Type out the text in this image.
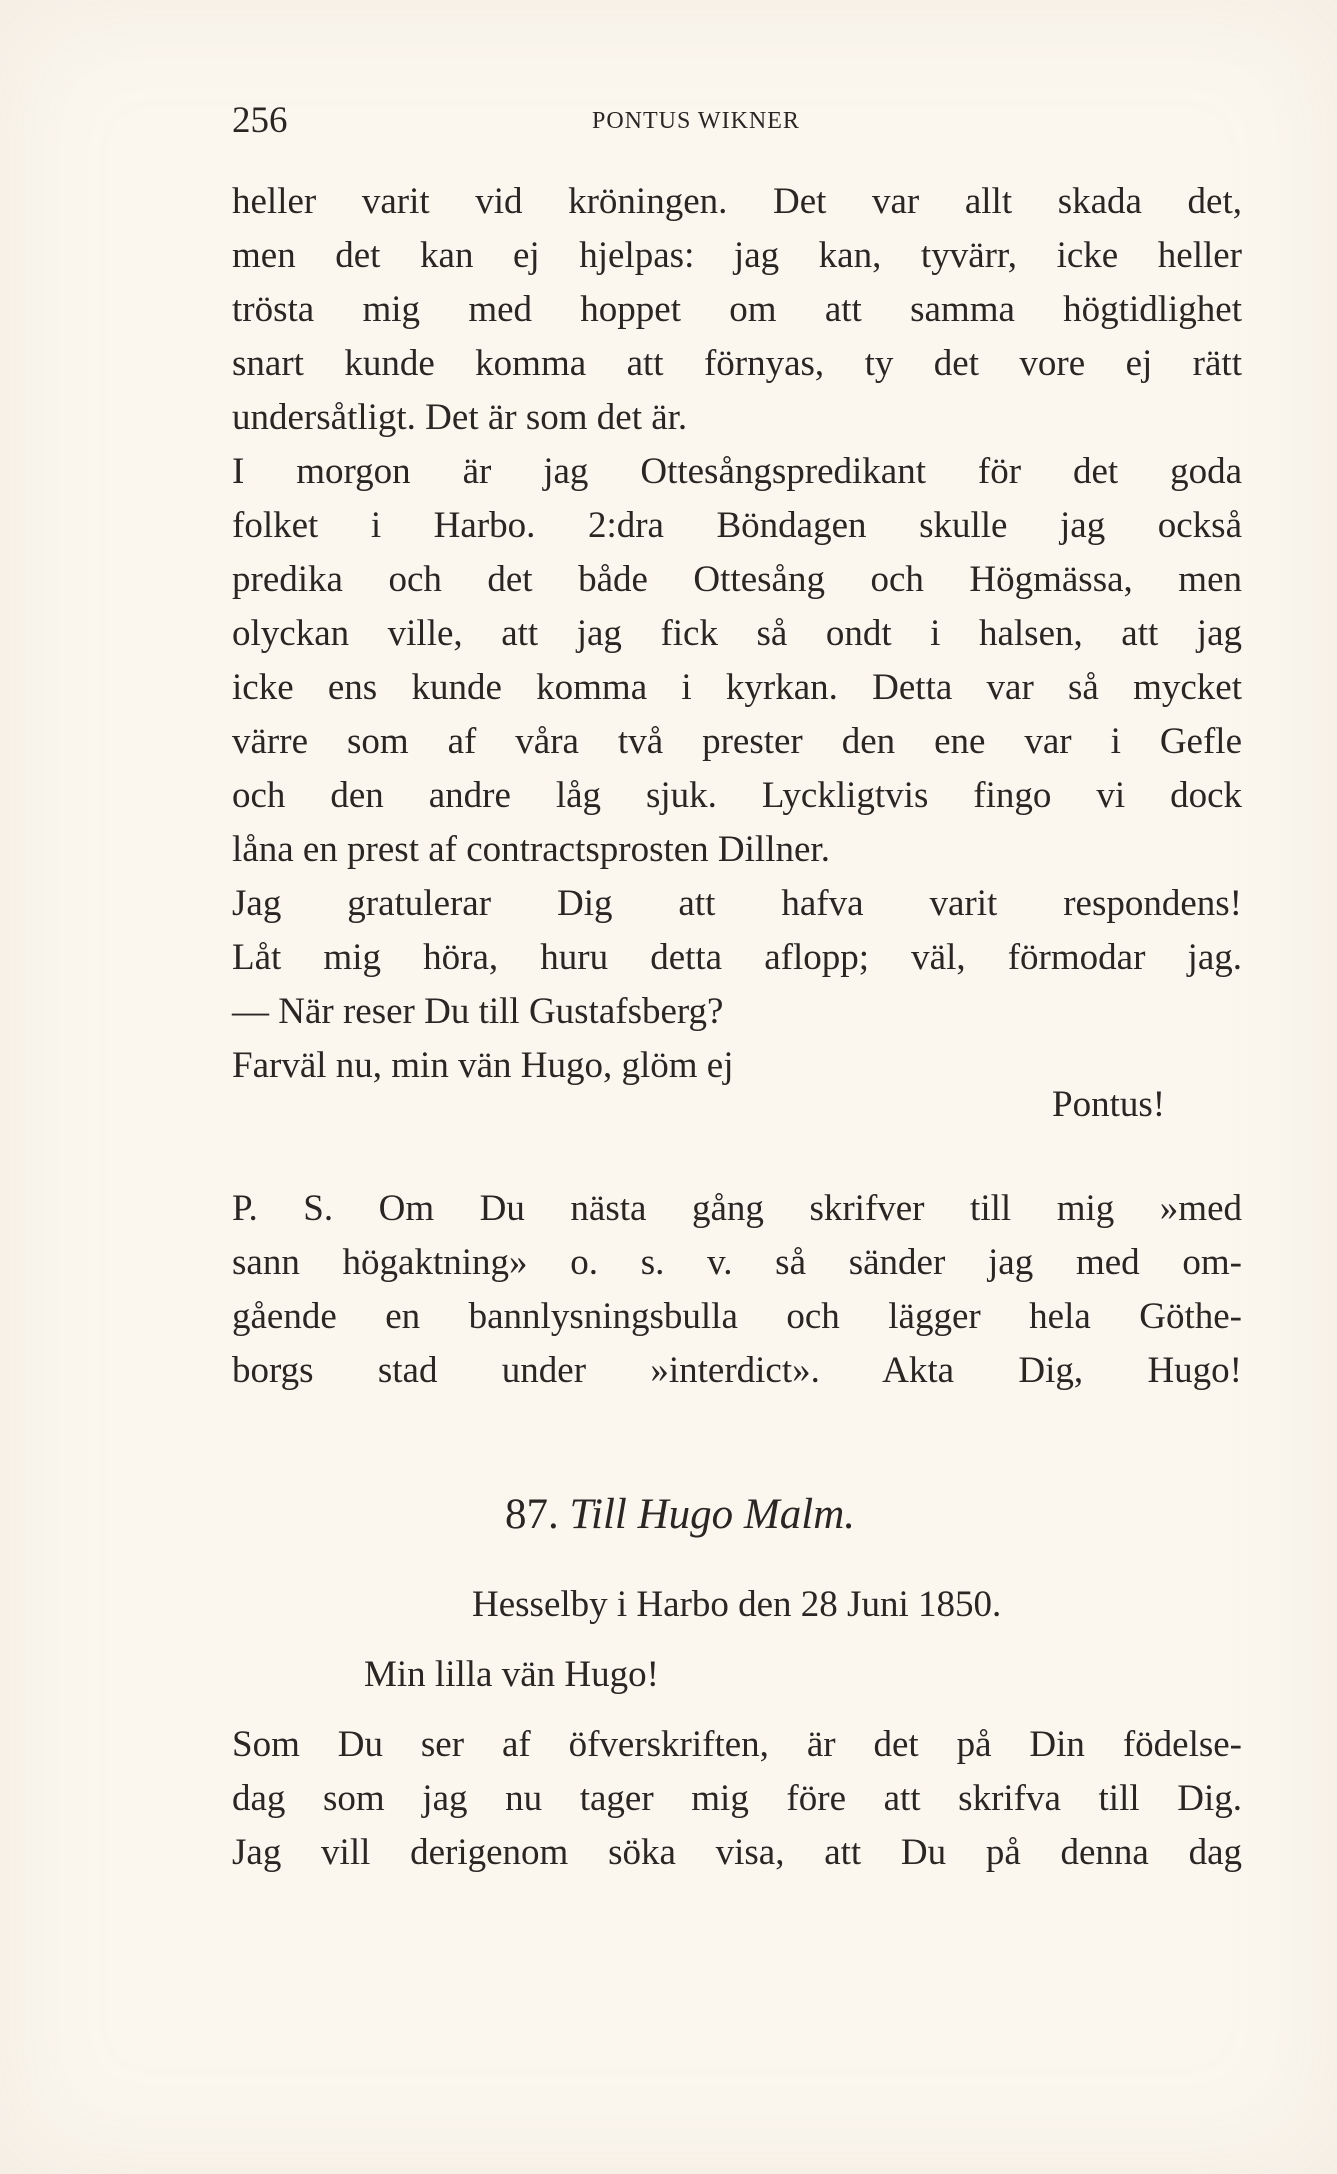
256	PONTUS WIKNER
heller varit vid kröningen. Det var allt skada det,
men det kan ej hjelpas: jag kan, tyvärr, icke heller
trösta mig med hoppet om att samma högtidlighet
snart kunde komma att förnyas, ty det vore ej rätt
undersåtligt. Det är som det är.
I morgon är jag Ottesångspredikant för det goda
folket i Harbo. 2:dra Böndagen skulle jag också
predika och det både Ottesång och Högmässa, men
olyckan ville, att jag fick så ondt i halsen, att jag
icke ens kunde komma i kyrkan. Detta var så mycket
värre som af våra två prester den ene var i Gefle
och den andre låg sjuk. Lyckligtvis fingo vi dock
låna en prest af contractsprosten Dillner.
Jag gratulerar Dig att hafva varit respondens!
Låt mig höra, huru detta aflopp; väl, förmodar jag.
— När reser Du till Gustafsberg?
Farväl nu, min vän Hugo, glöm ej
Pontus!
P. S. Om Du nästa gång skrifver till mig »med
sann högaktning» o. s. v. så sänder jag med om-
gående en bannlysningsbulla och lägger hela Göthe-
borgs stad under »interdict». Akta Dig, Hugo!
87. Till Hugo Malm.
Hesselby i Harbo den 28 Juni 1850.
Min lilla vän Hugo!
Som Du ser af öfverskriften, är det på Din födelse-
dag som jag nu tager mig före att skrifva till Dig.
Jag vill derigenom söka visa, att Du på denna dag
